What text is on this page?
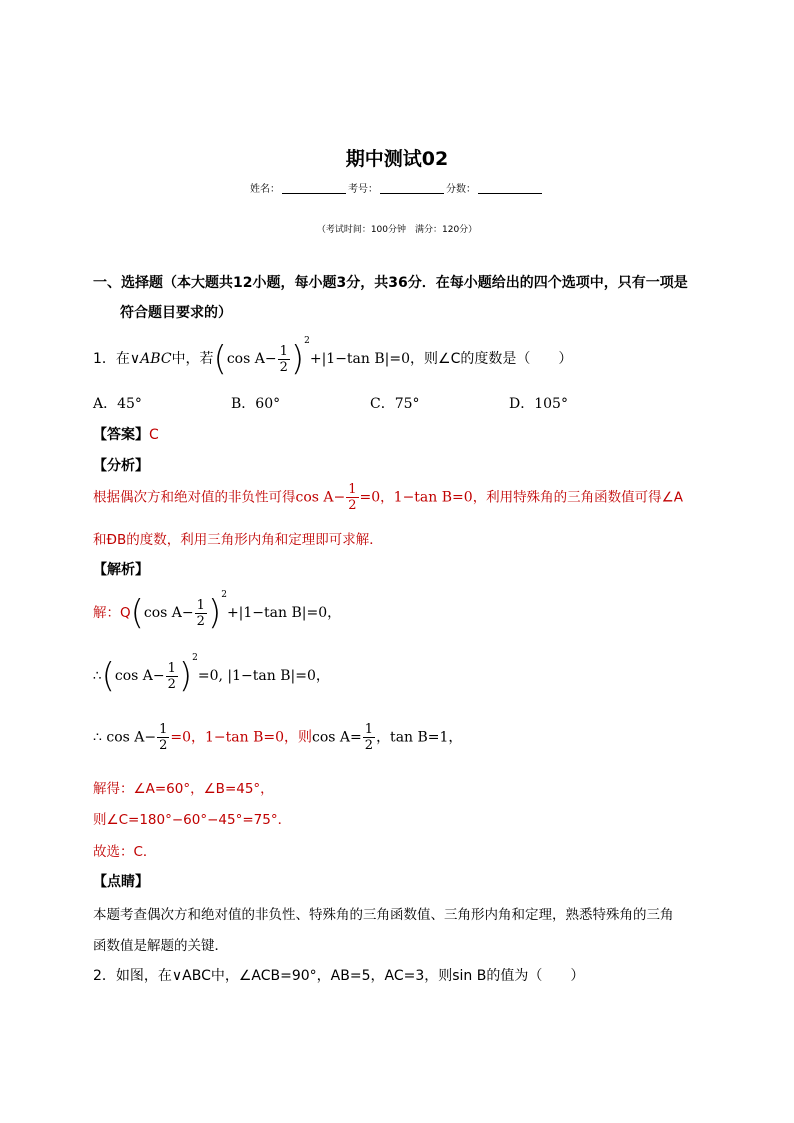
期中测试02
姓名：	考号：	分数：
（考试时间：100分钟　满分：120分）
一、选择题（本大题共12小题，每小题3分，共36分．在每小题给出的四个选项中，只有一项是
符合题目要求的）
1．在∨ABC中，若(cos $A- \frac{1}{2} )^2+|1-\tan$ B|=0，则∠C的度数是（　　）
A．45°	B．60°	C．75°	D．105°
【答案】C
【分析】
根据偶次方和绝对值的非负性可得$\cos A- \frac{1}{2} =0$，1−tan B=0，利用特殊角的三角函数值可得∠A
和ÐB的度数，利用三角形内角和定理即可求解．
【解析】
解：Q(cos $A- \frac{1}{2} )^2+|1-\tan$ B|=0，
∴(cos $A- \frac{1}{2} )^2=0$, |1−tan B|=0，
∴ $\cos A- \frac{1}{2} =0$，1−tan B=0，则$\cos A= \frac{1}{2}$ ，tan B=1，
解得：∠A=60°，∠B=45°，
则∠C=180°−60°−45°=75°．
故选：C．
【点睛】
本题考查偶次方和绝对值的非负性、特殊角的三角函数值、三角形内角和定理，熟悉特殊角的三角
函数值是解题的关键．
2．如图，在∨ABC中，∠ACB=90°，AB=5，AC=3，则sin B的值为（　　）
